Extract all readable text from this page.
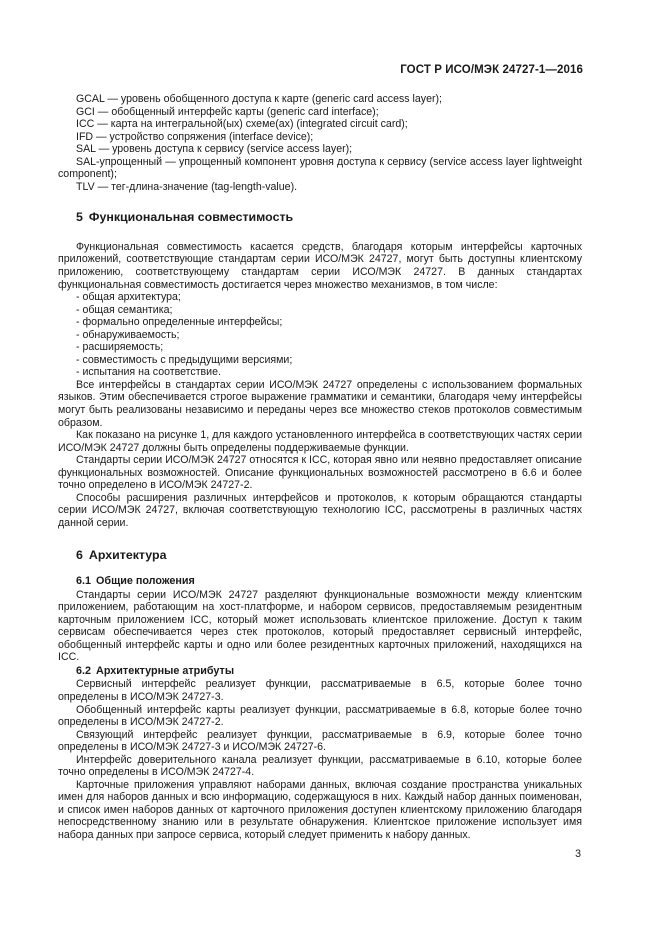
ГОСТ Р ИСО/МЭК 24727-1—2016

GCAL — уровень обобщенного доступа к карте (generic card access layer);

GCI — обобщенный интерфейс карты (generic card interface);

ICC — карта на интегральной(ых) схеме(ах) (integrated circuit card);

IFD — устройство сопряжения (interface device);

SAL — уровень доступа к сервису (service access layer);

SAL-упрощенный — упрощенный компонент уровня доступа к сервису (service access layer lightweight component);

TLV — тег-длина-значение (tag-length-value).

5 Функциональная совместимость

Функциональная совместимость касается средств, благодаря которым интерфейсы карточных приложений, соответствующие стандартам серии ИСО/МЭК 24727, могут быть доступны клиентскому приложению, соответствующему стандартам серии ИСО/МЭК 24727. В данных стандартах функциональная совместимость достигается через множество механизмов, в том числе:

- общая архитектура;

- общая семантика;

- формально определенные интерфейсы;

- обнаруживаемость;

- расширяемость;

- совместимость с предыдущими версиями;

- испытания на соответствие.

Все интерфейсы в стандартах серии ИСО/МЭК 24727 определены с использованием формальных языков. Этим обеспечивается строгое выражение грамматики и семантики, благодаря чему интерфейсы могут быть реализованы независимо и переданы через все множество стеков протоколов совместимым образом.

Как показано на рисунке 1, для каждого установленного интерфейса в соответствующих частях серии ИСО/МЭК 24727 должны быть определены поддерживаемые функции.

Стандарты серии ИСО/МЭК 24727 относятся к ICC, которая явно или неявно предоставляет описание функциональных возможностей. Описание функциональных возможностей рассмотрено в 6.6 и более точно определено в ИСО/МЭК 24727-2.

Способы расширения различных интерфейсов и протоколов, к которым обращаются стандарты серии ИСО/МЭК 24727, включая соответствующую технологию ICC, рассмотрены в различных частях данной серии.

6 Архитектура
6.1 Общие положения

Стандарты серии ИСО/МЭК 24727 разделяют функциональные возможности между клиентским приложением, работающим на хост-платформе, и набором сервисов, предоставляемым резидентным карточным приложением ICC, который может использовать клиентское приложение. Доступ к таким сервисам обеспечивается через стек протоколов, который предоставляет сервисный интерфейс, обобщенный интерфейс карты и одно или более резидентных карточных приложений, находящихся на ICC.

6.2 Архитектурные атрибуты

Сервисный интерфейс реализует функции, рассматриваемые в 6.5, которые более точно определены в ИСО/МЭК 24727-3.

Обобщенный интерфейс карты реализует функции, рассматриваемые в 6.8, которые более точно определены в ИСО/МЭК 24727-2.

Связующий интерфейс реализует функции, рассматриваемые в 6.9, которые более точно определены в ИСО/МЭК 24727-3 и ИСО/МЭК 24727-6.

Интерфейс доверительного канала реализует функции, рассматриваемые в 6.10, которые более точно определены в ИСО/МЭК 24727-4.

Карточные приложения управляют наборами данных, включая создание пространства уникальных имен для наборов данных и всю информацию, содержащуюся в них. Каждый набор данных поименован, и список имен наборов данных от карточного приложения доступен клиентскому приложению благодаря непосредственному знанию или в результате обнаружения. Клиентское приложение использует имя набора данных при запросе сервиса, который следует применить к набору данных.

3
